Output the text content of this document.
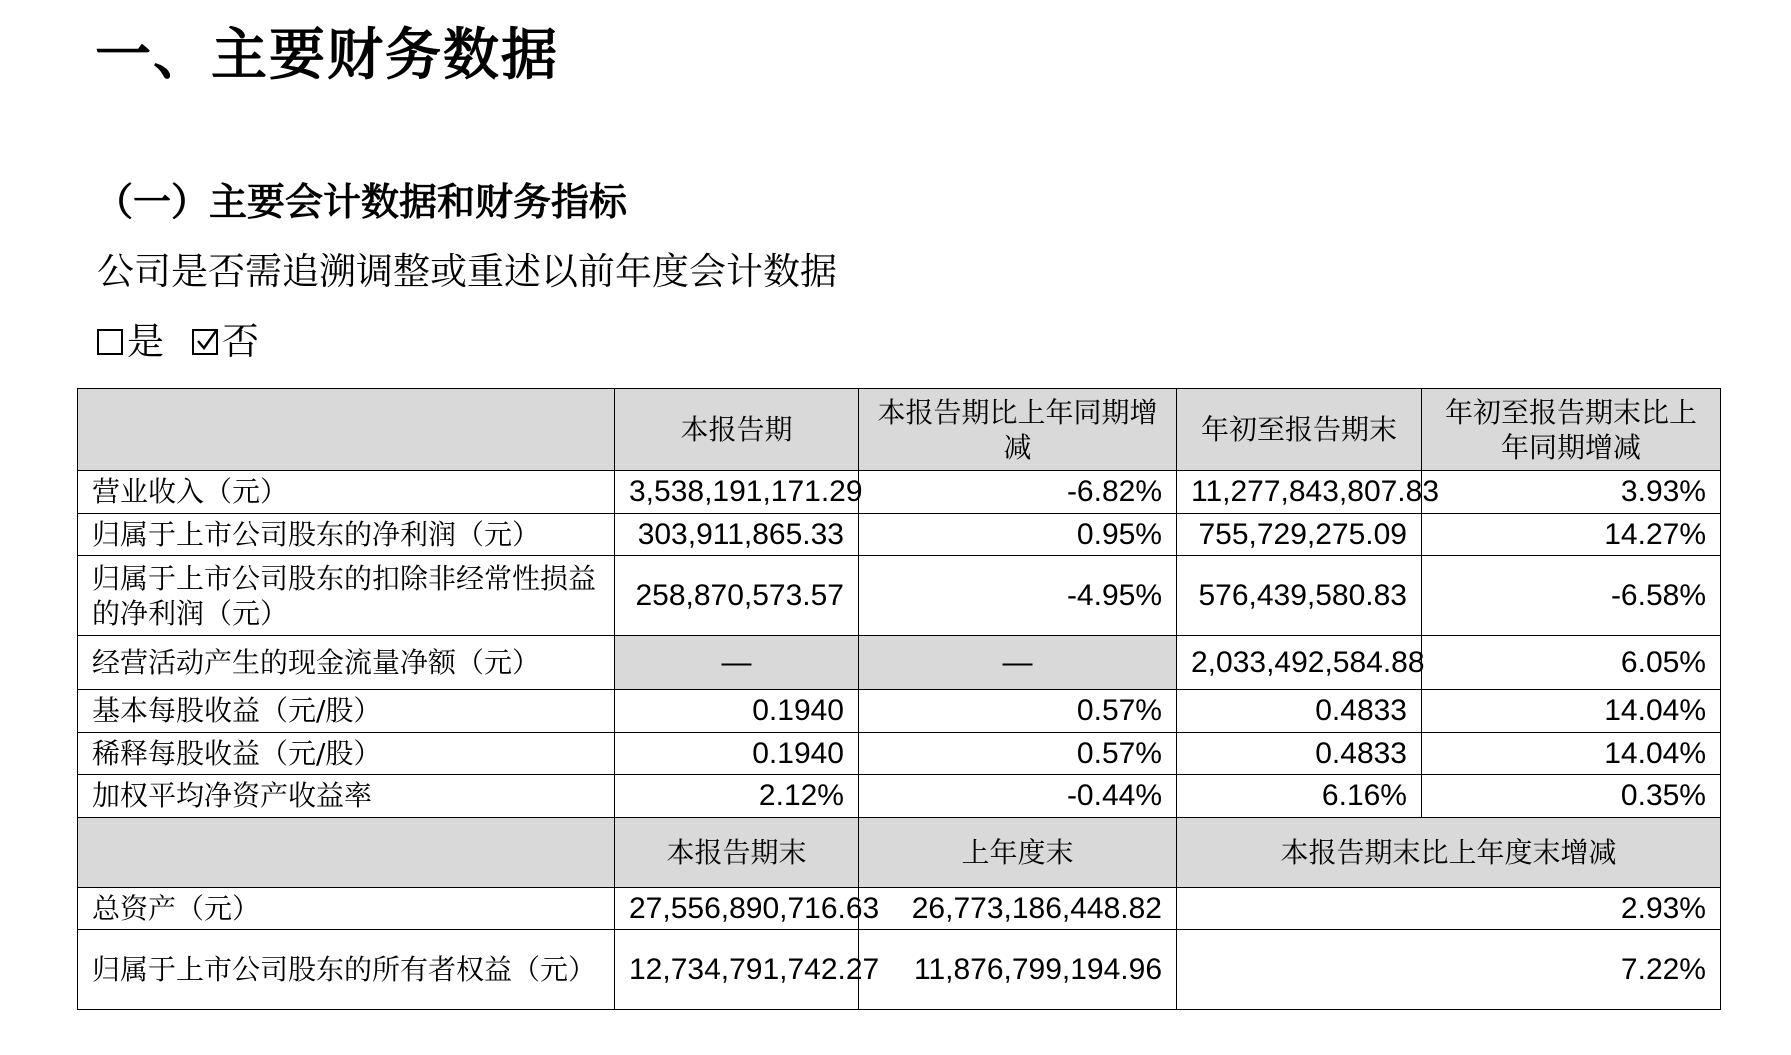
一、主要财务数据
（一）主要会计数据和财务指标
公司是否需追溯调整或重述以前年度会计数据
是 否
	本报告期	本报告期比上年同期增减	年初至报告期末	年初至报告期末比上年同期增减
营业收入（元）	3,538,191,171.29	-6.82%	11,277,843,807.83	3.93%
归属于上市公司股东的净利润（元）	303,911,865.33	0.95%	755,729,275.09	14.27%
归属于上市公司股东的扣除非经常性损益的净利润（元）	258,870,573.57	-4.95%	576,439,580.83	-6.58%
经营活动产生的现金流量净额（元）	—	—	2,033,492,584.88	6.05%
基本每股收益（元/股）	0.1940	0.57%	0.4833	14.04%
稀释每股收益（元/股）	0.1940	0.57%	0.4833	14.04%
加权平均净资产收益率	2.12%	-0.44%	6.16%	0.35%
	本报告期末	上年度末	本报告期末比上年度末增减	
总资产（元）	27,556,890,716.63	26,773,186,448.82	2.93%	
归属于上市公司股东的所有者权益（元）	12,734,791,742.27	11,876,799,194.96	7.22%	
